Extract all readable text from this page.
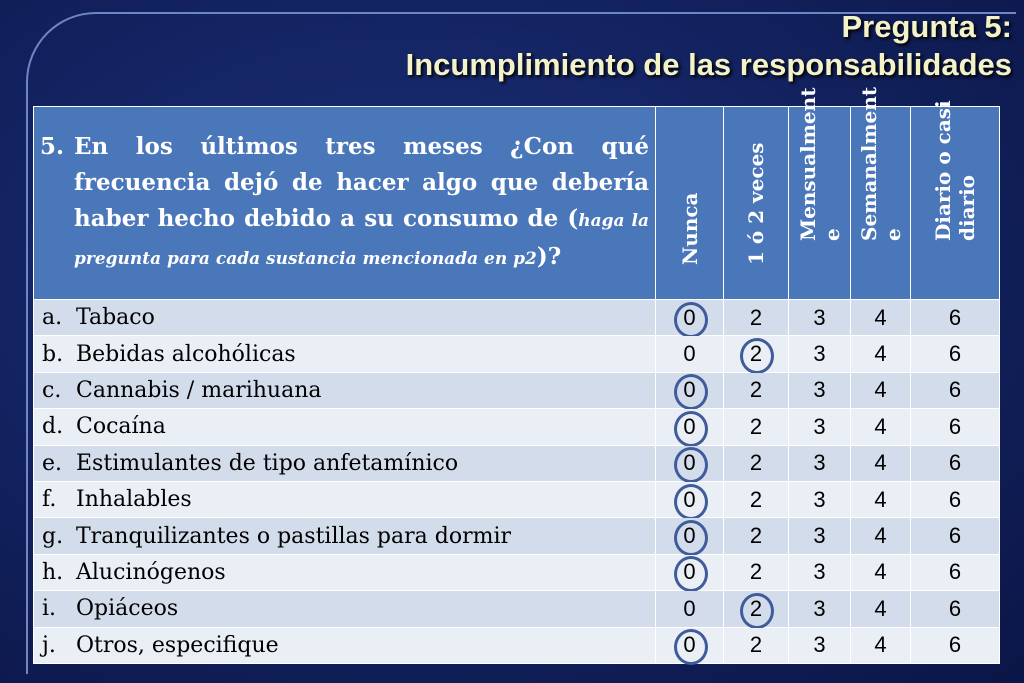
Pregunta 5:
Incumplimiento de las responsabilidades
5. En los últimos tres meses ¿Con qué frecuencia dejó de hacer algo que debería haber hecho debido a su consumo de (haga la pregunta para cada sustancia mencionada en p2)?	Nunca	1 ó 2 veces	Mensualment e	Semanalment e	Diario o casi diario

a. Tabaco	0	2	3	4	6
b. Bebidas alcohólicas	0	2	3	4	6
c. Cannabis / marihuana	0	2	3	4	6
d. Cocaína	0	2	3	4	6
e. Estimulantes de tipo anfetamínico	0	2	3	4	6
f. Inhalables	0	2	3	4	6
g. Tranquilizantes o pastillas para dormir	0	2	3	4	6
h. Alucinógenos	0	2	3	4	6
i. Opiáceos	0	2	3	4	6
j. Otros, especifique	0	2	3	4	6
